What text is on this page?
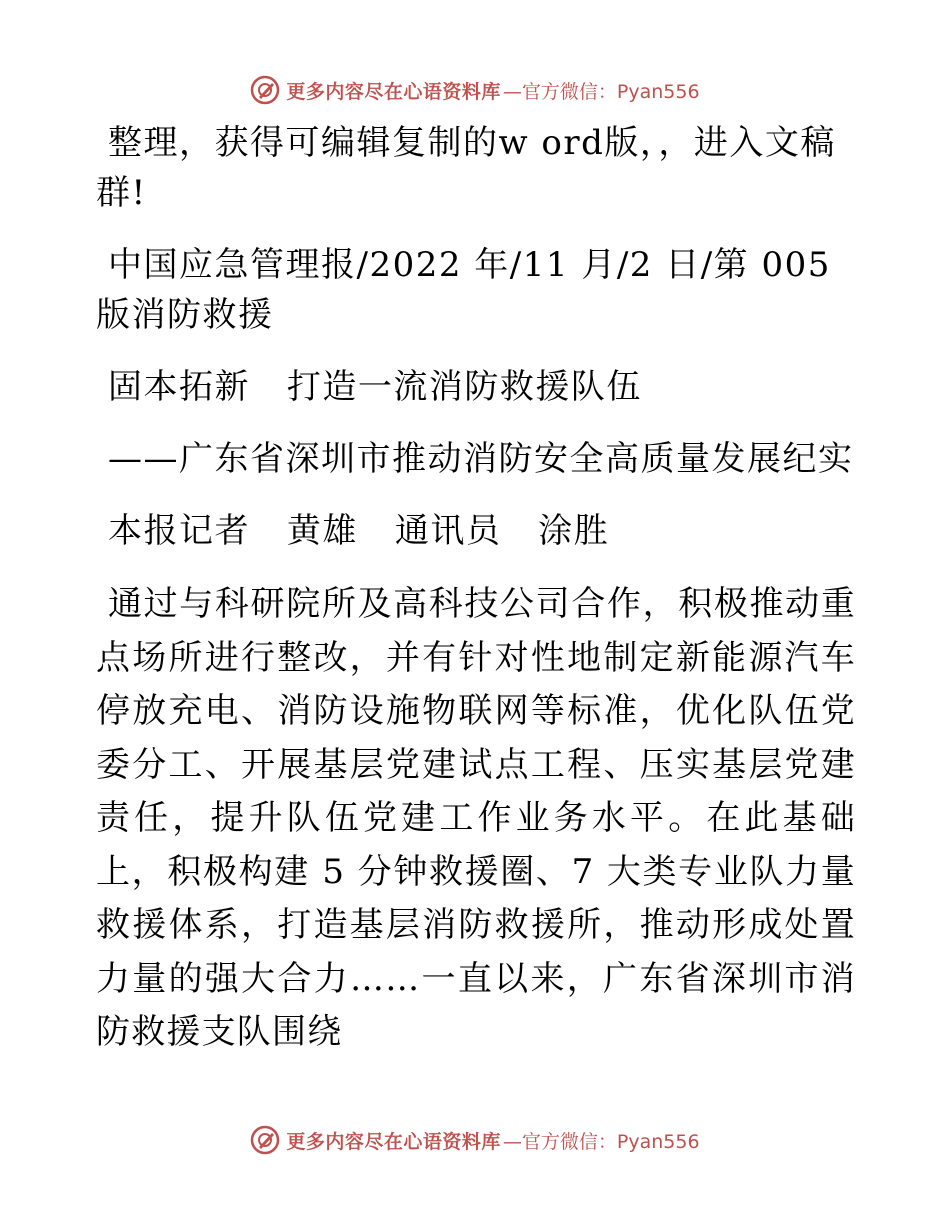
更多内容尽在心语资料库 —官方微信：Pyan556

整理，获得可编辑复制的w ord版，，进入文稿群!

中国应急管理报/2022 年/11 月/2 日/第 005 版消防救援

固本拓新   打造一流消防救援队伍

——广东省深圳市推动消防安全高质量发展纪实

本报记者   黄雄   通讯员   涂胜

通过与科研院所及高科技公司合作，积极推动重点场所进行整改，并有针对性地制定新能源汽车停放充电、消防设施物联网等标准，优化队伍党委分工、开展基层党建试点工程、压实基层党建责任，提升队伍党建工作业务水平。在此基础上，积极构建 5 分钟救援圈、7 大类专业队力量救援体系，打造基层消防救援所，推动形成处置力量的强大合力……一直以来，广东省深圳市消防救援支队围绕

更多内容尽在心语资料库 —官方微信：Pyan556
